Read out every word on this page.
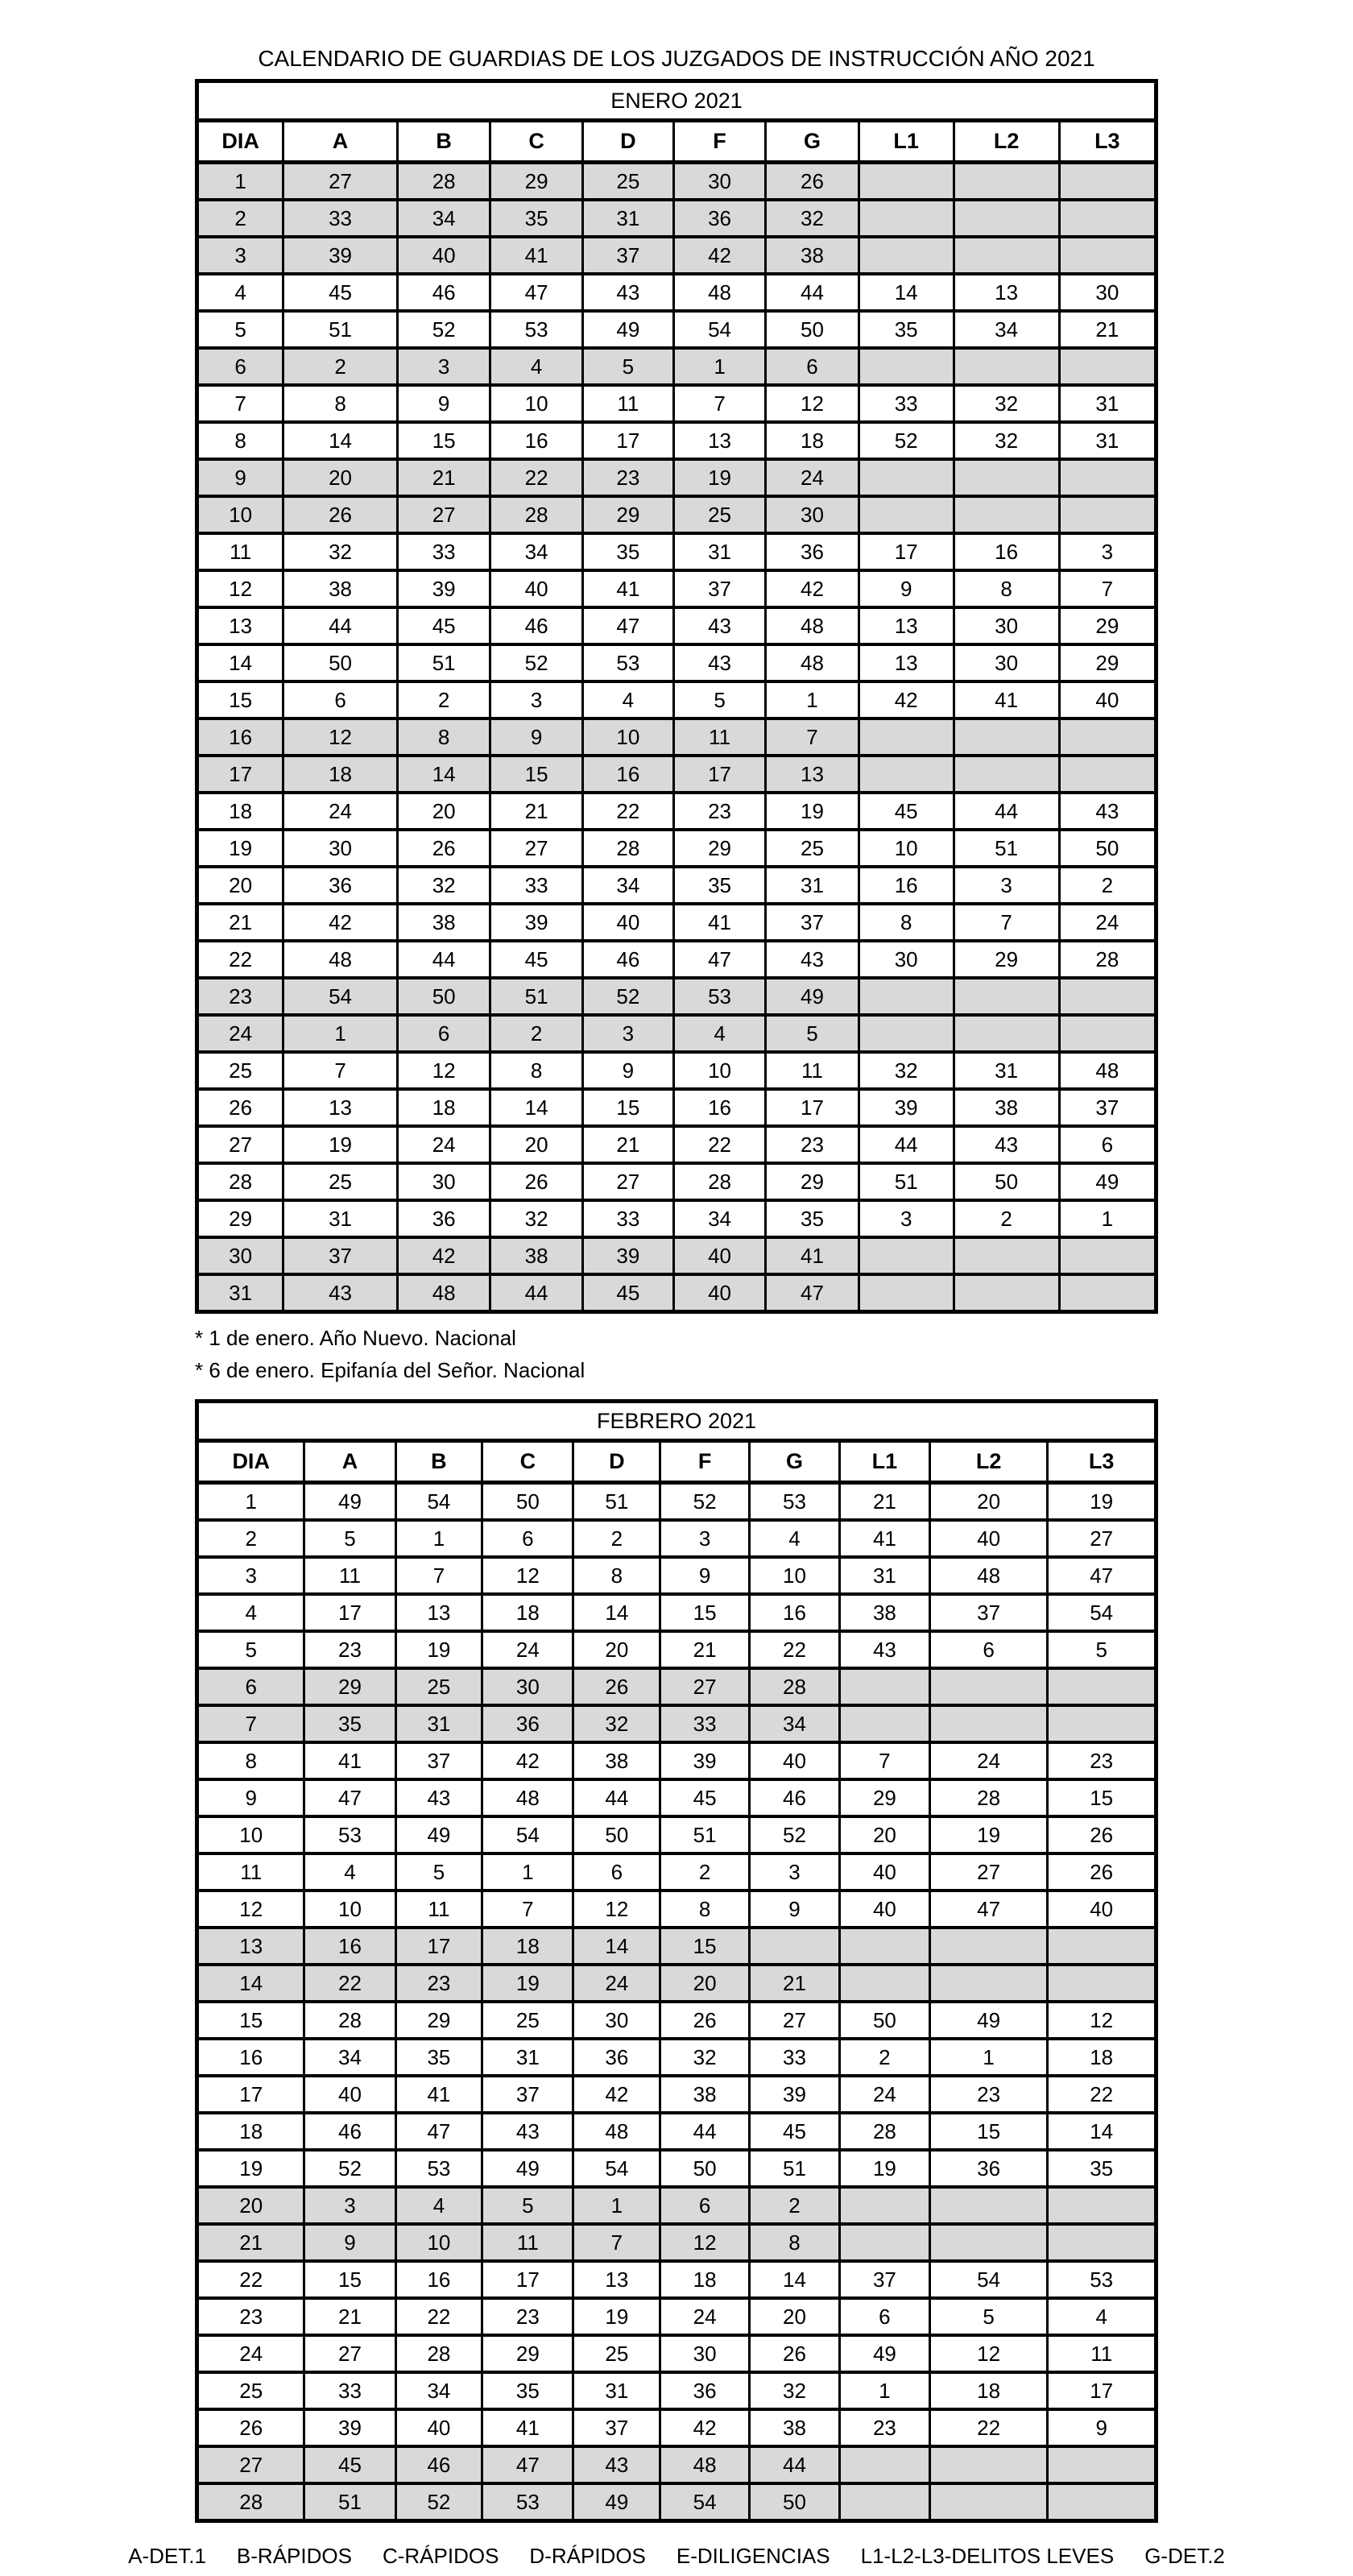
CALENDARIO DE GUARDIAS DE LOS JUZGADOS DE INSTRUCCIÓN AÑO 2021
ENERO 2021									
DIA	A	B	C	D	F	G	L1	L2	L3
1	27	28	29	25	30	26			
2	33	34	35	31	36	32			
3	39	40	41	37	42	38			
4	45	46	47	43	48	44	14	13	30
5	51	52	53	49	54	50	35	34	21
6	2	3	4	5	1	6			
7	8	9	10	11	7	12	33	32	31
8	14	15	16	17	13	18	52	32	31
9	20	21	22	23	19	24			
10	26	27	28	29	25	30			
11	32	33	34	35	31	36	17	16	3
12	38	39	40	41	37	42	9	8	7
13	44	45	46	47	43	48	13	30	29
14	50	51	52	53	43	48	13	30	29
15	6	2	3	4	5	1	42	41	40
16	12	8	9	10	11	7			
17	18	14	15	16	17	13			
18	24	20	21	22	23	19	45	44	43
19	30	26	27	28	29	25	10	51	50
20	36	32	33	34	35	31	16	3	2
21	42	38	39	40	41	37	8	7	24
22	48	44	45	46	47	43	30	29	28
23	54	50	51	52	53	49			
24	1	6	2	3	4	5			
25	7	12	8	9	10	11	32	31	48
26	13	18	14	15	16	17	39	38	37
27	19	24	20	21	22	23	44	43	6
28	25	30	26	27	28	29	51	50	49
29	31	36	32	33	34	35	3	2	1
30	37	42	38	39	40	41			
31	43	48	44	45	40	47			
* 1 de enero. Año Nuevo. Nacional
* 6 de enero. Epifanía del Señor. Nacional
FEBRERO 2021									
DIA	A	B	C	D	F	G	L1	L2	L3
1	49	54	50	51	52	53	21	20	19
2	5	1	6	2	3	4	41	40	27
3	11	7	12	8	9	10	31	48	47
4	17	13	18	14	15	16	38	37	54
5	23	19	24	20	21	22	43	6	5
6	29	25	30	26	27	28			
7	35	31	36	32	33	34			
8	41	37	42	38	39	40	7	24	23
9	47	43	48	44	45	46	29	28	15
10	53	49	54	50	51	52	20	19	26
11	4	5	1	6	2	3	40	27	26
12	10	11	7	12	8	9	40	47	40
13	16	17	18	14	15				
14	22	23	19	24	20	21			
15	28	29	25	30	26	27	50	49	12
16	34	35	31	36	32	33	2	1	18
17	40	41	37	42	38	39	24	23	22
18	46	47	43	48	44	45	28	15	14
19	52	53	49	54	50	51	19	36	35
20	3	4	5	1	6	2			
21	9	10	11	7	12	8			
22	15	16	17	13	18	14	37	54	53
23	21	22	23	19	24	20	6	5	4
24	27	28	29	25	30	26	49	12	11
25	33	34	35	31	36	32	1	18	17
26	39	40	41	37	42	38	23	22	9
27	45	46	47	43	48	44			
28	51	52	53	49	54	50			
A-DET.1 B-RÁPIDOS C-RÁPIDOS D-RÁPIDOS E-DILIGENCIAS L1-L2-L3-DELITOS LEVES G-DET.2
